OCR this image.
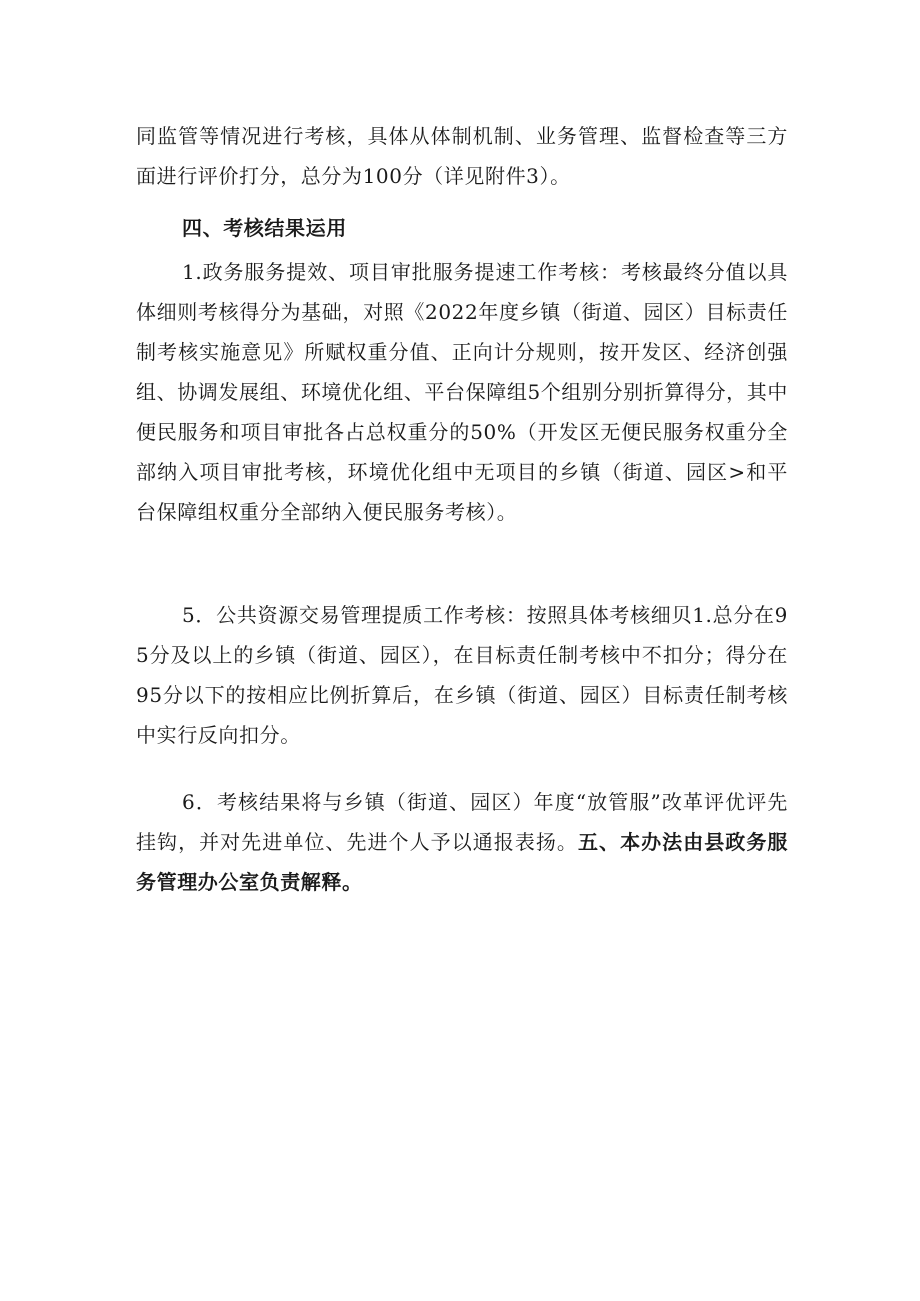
同监管等情况进行考核，具体从体制机制、业务管理、监督检查等三方面进行评价打分，总分为100分（详见附件3）。

四、考核结果运用

1.政务服务提效、项目审批服务提速工作考核：考核最终分值以具体细则考核得分为基础，对照《2022年度乡镇（街道、园区）目标责任制考核实施意见》所赋权重分值、正向计分规则，按开发区、经济创强组、协调发展组、环境优化组、平台保障组5个组别分别折算得分，其中便民服务和项目审批各占总权重分的50%（开发区无便民服务权重分全部纳入项目审批考核，环境优化组中无项目的乡镇（街道、园区>和平台保障组权重分全部纳入便民服务考核）。

5．公共资源交易管理提质工作考核：按照具体考核细贝1.总分在95分及以上的乡镇（街道、园区），在目标责任制考核中不扣分；得分在95分以下的按相应比例折算后，在乡镇（街道、园区）目标责任制考核中实行反向扣分。

6．考核结果将与乡镇（街道、园区）年度“放管服”改革评优评先挂钩，并对先进单位、先进个人予以通报表扬。五、本办法由县政务服务管理办公室负责解释。
